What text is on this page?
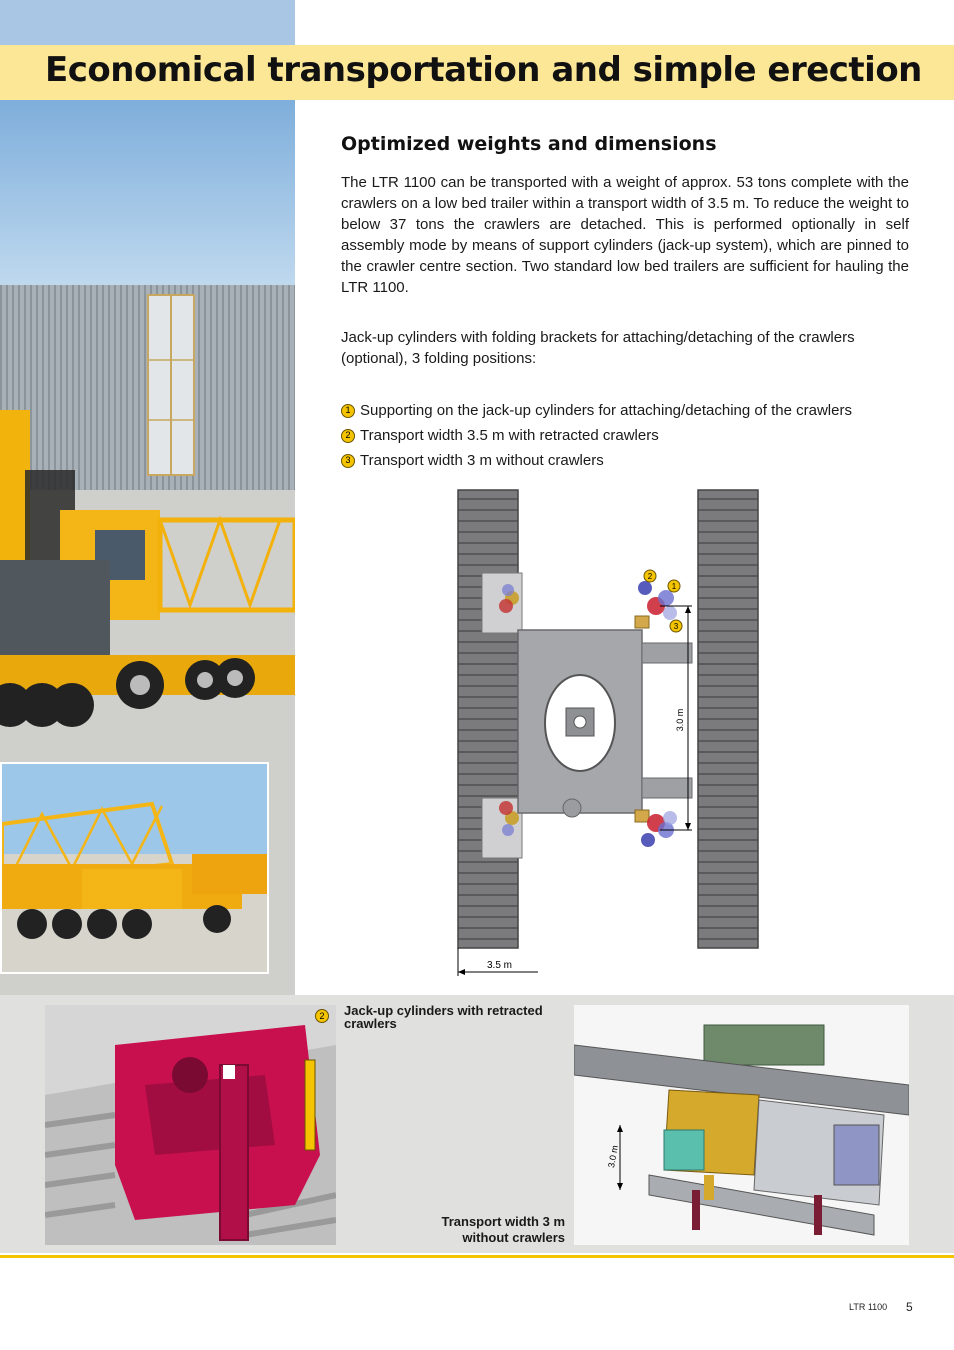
Economical transportation and simple erection
Optimized weights and dimensions

The LTR 1100 can be transported with a weight of approx. 53 tons complete with the crawlers on a low bed trailer within a transport width of 3.5 m. To reduce the weight to below 37 tons the crawlers are detached. This is performed optionally in self assembly mode by means of support cylinders (jack-up system), which are pinned to the crawler centre section. Two standard low bed trailers are sufficient for hauling the LTR 1100.

Jack-up cylinders with folding brackets for attaching/detaching of the crawlers (optional), 3 folding positions:

1 Supporting on the jack-up cylinders for attaching/detaching of the crawlers
2 Transport width 3.5 m with retracted crawlers
3 Transport width 3 m without crawlers
2
1
3
3.0 m
3.5 m
2	Jack-up cylinders with retracted crawlers
Transport width 3 m without crawlers
3.0 m
LTR 1100 5
